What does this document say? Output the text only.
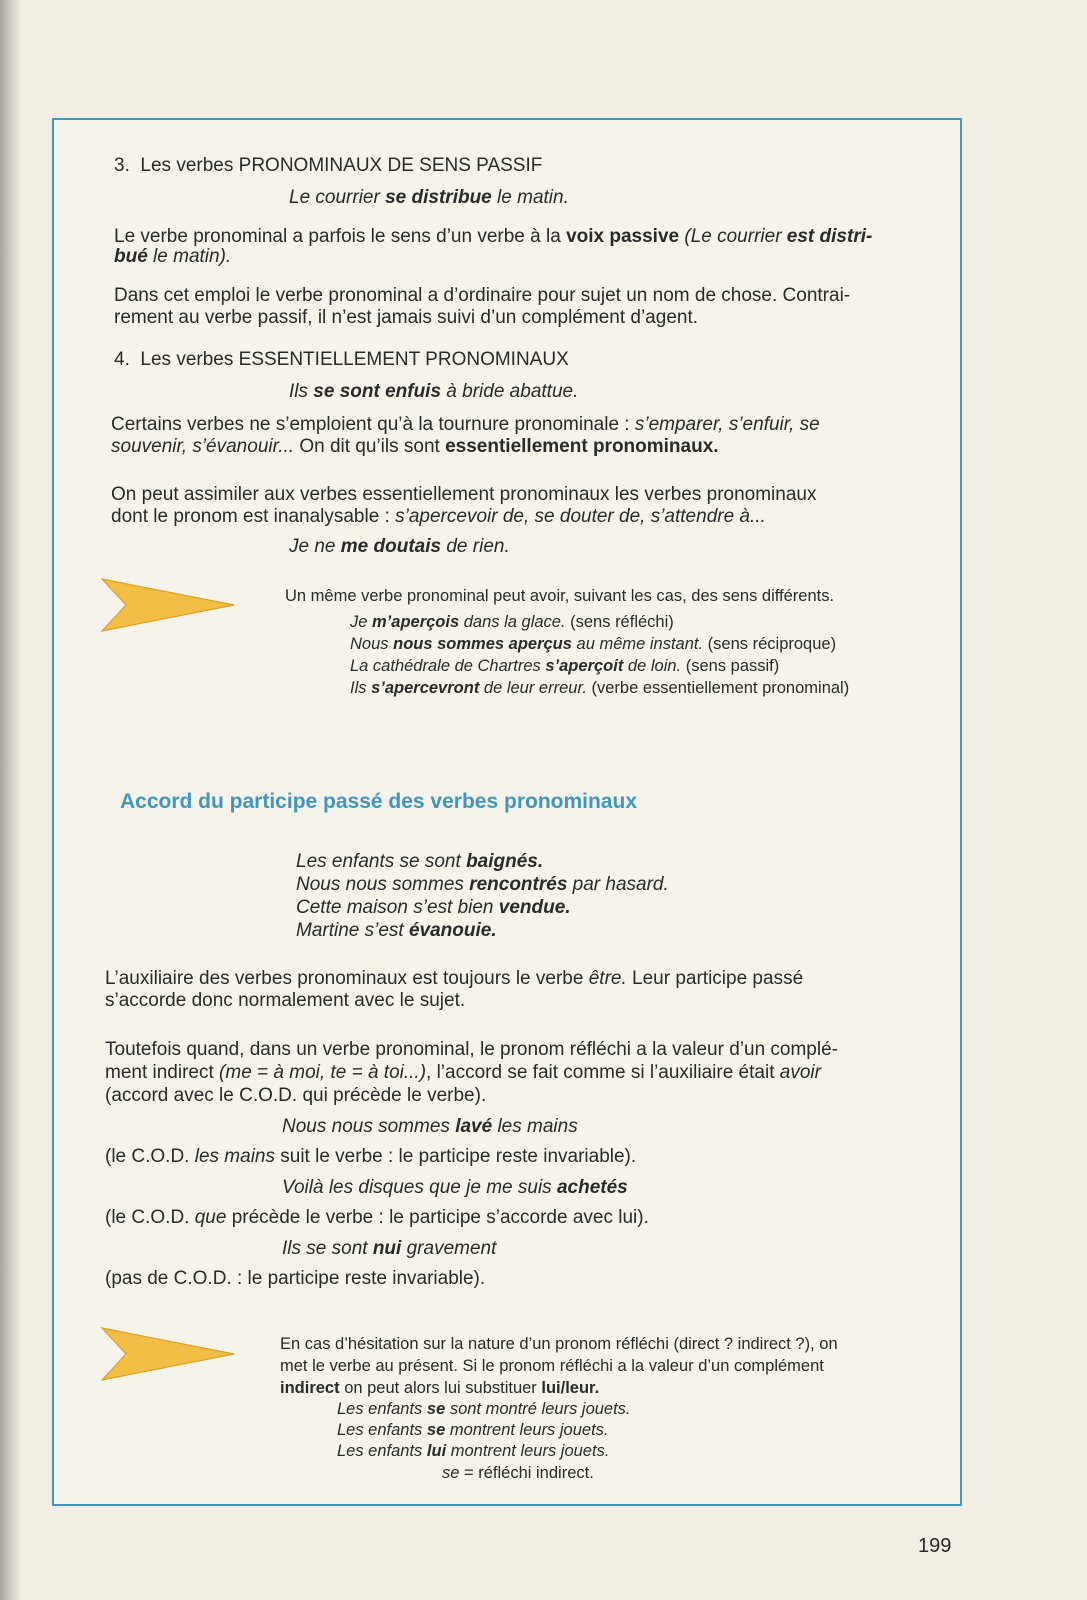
3. Les verbes PRONOMINAUX DE SENS PASSIF
Le courrier se distribue le matin.
Le verbe pronominal a parfois le sens d’un verbe à la voix passive (Le courrier est distri-
bué le matin).
Dans cet emploi le verbe pronominal a d’ordinaire pour sujet un nom de chose. Contrai-
rement au verbe passif, il n’est jamais suivi d’un complément d’agent.
4. Les verbes ESSENTIELLEMENT PRONOMINAUX
Ils se sont enfuis à bride abattue.
Certains verbes ne s’emploient qu’à la tournure pronominale : s’emparer, s’enfuir, se
souvenir, s’évanouir... On dit qu’ils sont essentiellement pronominaux.
On peut assimiler aux verbes essentiellement pronominaux les verbes pronominaux
dont le pronom est inanalysable : s’apercevoir de, se douter de, s’attendre à...
Je ne me doutais de rien.
Un même verbe pronominal peut avoir, suivant les cas, des sens différents.
Je m’aperçois dans la glace. (sens réfléchi)
Nous nous sommes aperçus au même instant. (sens réciproque)
La cathédrale de Chartres s’aperçoit de loin. (sens passif)
Ils s’apercevront de leur erreur. (verbe essentiellement pronominal)
Accord du participe passé des verbes pronominaux
Les enfants se sont baignés.
Nous nous sommes rencontrés par hasard.
Cette maison s’est bien vendue.
Martine s’est évanouie.
L’auxiliaire des verbes pronominaux est toujours le verbe être. Leur participe passé
s’accorde donc normalement avec le sujet.
Toutefois quand, dans un verbe pronominal, le pronom réfléchi a la valeur d’un complé-
ment indirect (me = à moi, te = à toi...), l’accord se fait comme si l’auxiliaire était avoir
(accord avec le C.O.D. qui précède le verbe).
Nous nous sommes lavé les mains
(le C.O.D. les mains suit le verbe : le participe reste invariable).
Voilà les disques que je me suis achetés
(le C.O.D. que précède le verbe : le participe s’accorde avec lui).
Ils se sont nui gravement
(pas de C.O.D. : le participe reste invariable).
En cas d’hésitation sur la nature d’un pronom réfléchi (direct ? indirect ?), on
met le verbe au présent. Si le pronom réfléchi a la valeur d’un complément
indirect on peut alors lui substituer lui/leur.
Les enfants se sont montré leurs jouets.
Les enfants se montrent leurs jouets.
Les enfants lui montrent leurs jouets.
se = réfléchi indirect.
199
